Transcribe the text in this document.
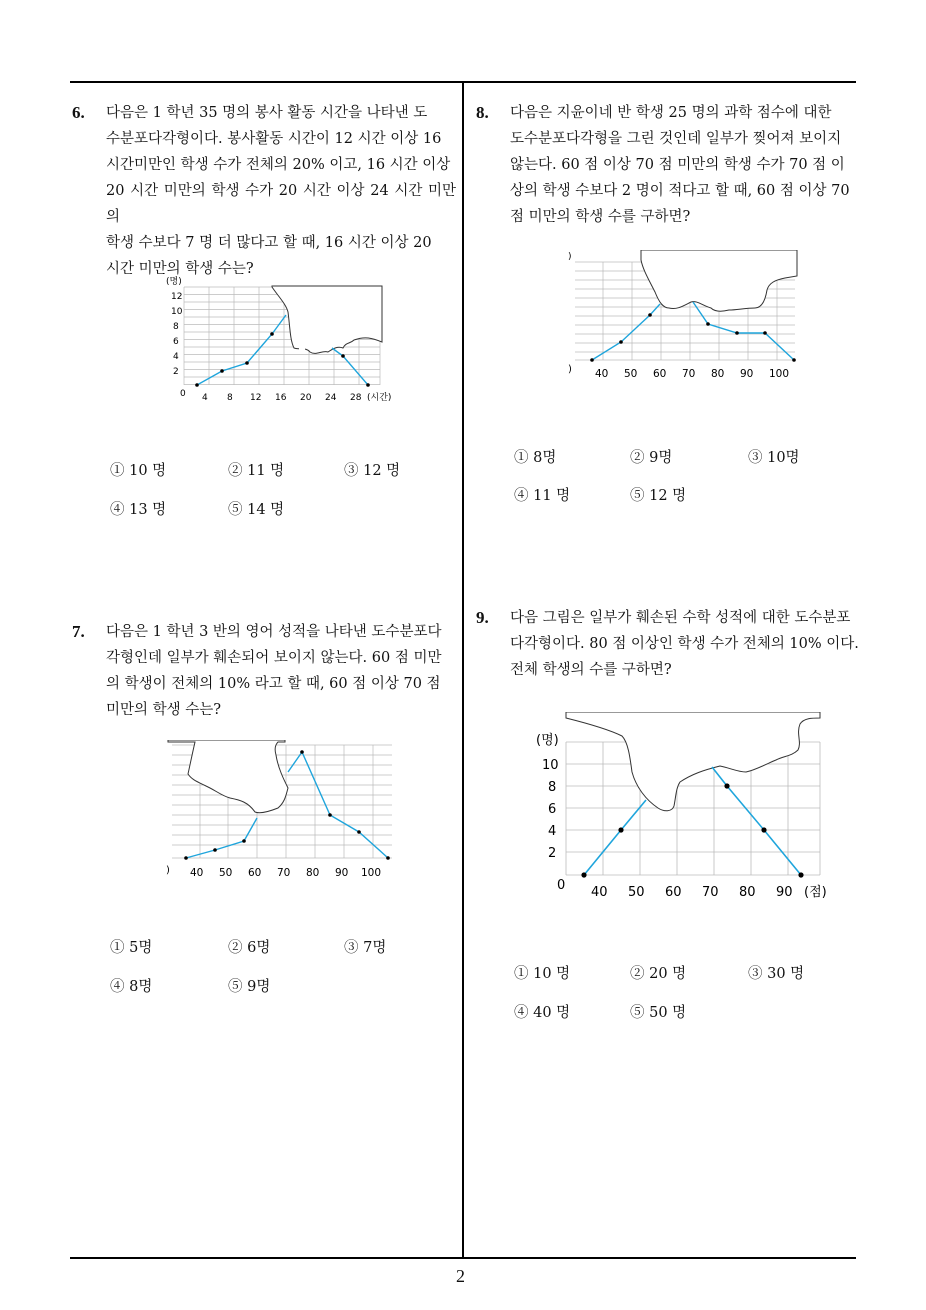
2
6. 다음은 1 학년 35 명의 봉사 활동 시간을 나타낸 도
수분포다각형이다. 봉사활동 시간이 12 시간 이상 16
시간미만인 학생 수가 전체의 20% 이고, 16 시간 이상
20 시간 미만의 학생 수가 20 시간 이상 24 시간 미만의
학생 수보다 7 명 더 많다고 할 때, 16 시간 이상 20
시간 미만의 학생 수는?
(명)
12
10
8
6
4
2
0 4 8 12 16 20 24 28 (시간)
① 10 명	② 11 명	③ 12 명
④ 13 명	⑤ 14 명
7. 다음은 1 학년 3 반의 영어 성적을 나타낸 도수분포다
각형인데 일부가 훼손되어 보이지 않는다. 60 점 미만
의 학생이 전체의 10% 라고 할 때, 60 점 이상 70 점
미만의 학생 수는?
) 40 50 60 70 80 90 100
① 5명	② 6명	③ 7명
④ 8명	⑤ 9명
8. 다음은 지윤이네 반 학생 25 명의 과학 점수에 대한
도수분포다각형을 그린 것인데 일부가 찢어져 보이지
않는다. 60 점 이상 70 점 미만의 학생 수가 70 점 이
상의 학생 수보다 2 명이 적다고 할 때, 60 점 이상 70
점 미만의 학생 수를 구하면?
)
) 40 50 60 70 80 90 100
① 8명	② 9명	③ 10명
④ 11 명	⑤ 12 명
9. 다음 그림은 일부가 훼손된 수학 성적에 대한 도수분포
다각형이다. 80 점 이상인 학생 수가 전체의 10% 이다.
전체 학생의 수를 구하면?
(명)
10
8
6
4
2
0 40 50 60 70 80 90 (점)
① 10 명	② 20 명	③ 30 명
④ 40 명	⑤ 50 명
